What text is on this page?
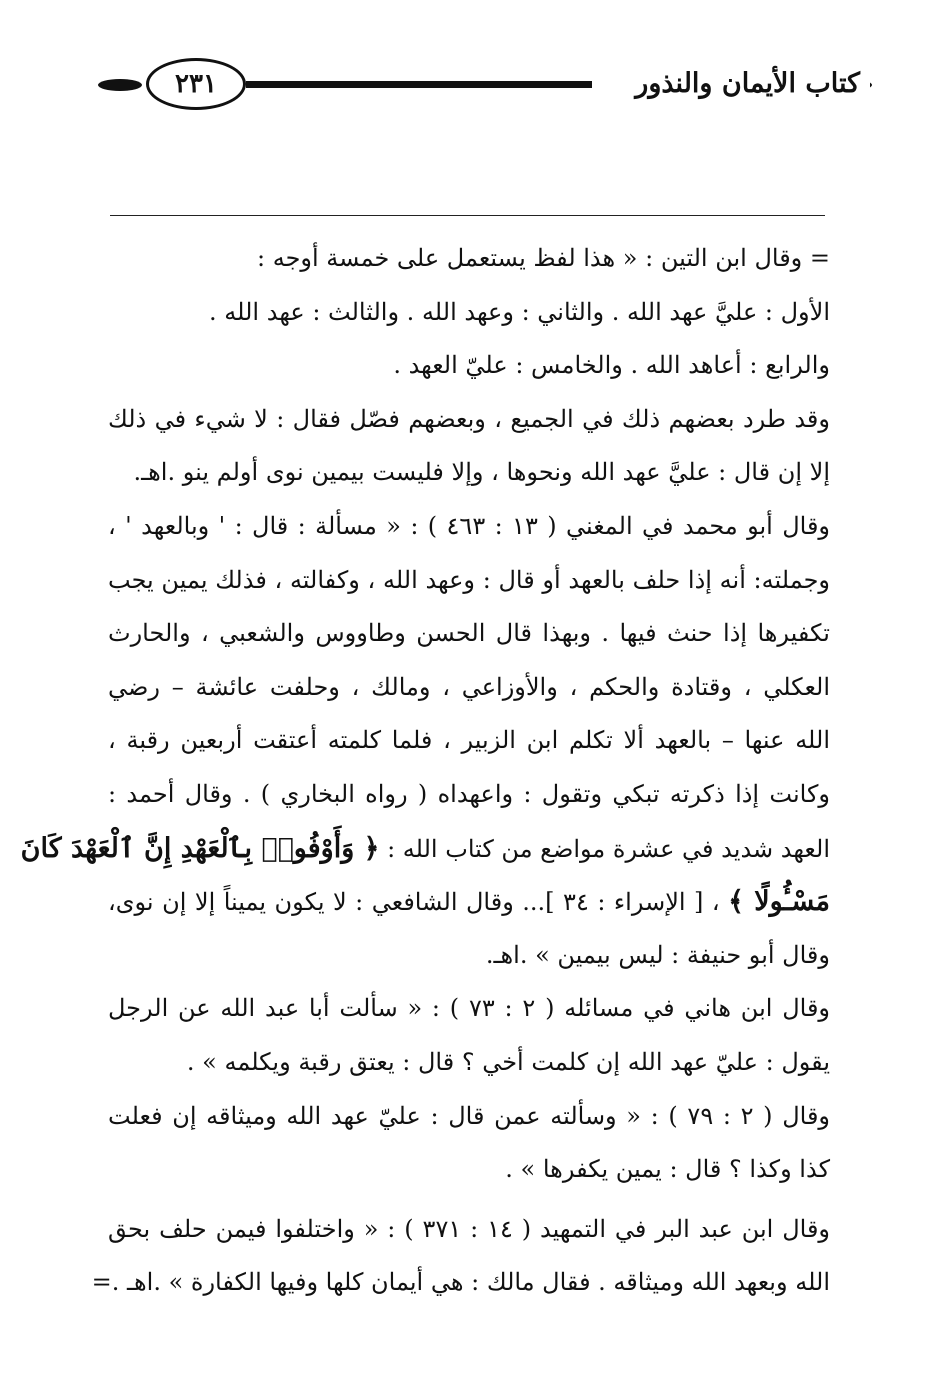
٢٣١	كتاب الأيمان والنذور
= وقال ابن التين : « هذا لفظ يستعمل على خمسة أوجه :
الأول : عليَّ عهد الله . والثاني : وعهد الله . والثالث : عهد الله .
والرابع : أعاهد الله . والخامس : عليّ العهد .
وقد طرد بعضهم ذلك في الجميع ، وبعضهم فصّل فقال : لا شيء في ذلك
إلا إن قال : عليَّ عهد الله ونحوها ، وإلا فليست بيمين نوى أولم ينو .اهـ.
وقال أبو محمد في المغني ( ١٣ : ٤٦٣ ) : « مسألة : قال : ' وبالعهد ' ،
وجملته: أنه إذا حلف بالعهد أو قال : وعهد الله ، وكفالته ، فذلك يمين يجب
تكفيرها إذا حنث فيها . وبهذا قال الحسن وطاووس والشعبي ، والحارث
العكلي ، وقتادة والحكم ، والأوزاعي ، ومالك ، وحلفت عائشة – رضي
الله عنها – بالعهد ألا تكلم ابن الزبير ، فلما كلمته أعتقت أربعين رقبة ،
وكانت إذا ذكرته تبكي وتقول : واعهداه ( رواه البخاري ) . وقال أحمد :
العهد شديد في عشرة مواضع من كتاب الله : ﴿ وَأَوْفُوا۟ بِٱلْعَهْدِ إِنَّ ٱلْعَهْدَ كَانَ
مَسْـُٔولًا ﴾ ، [ الإسراء : ٣٤ ]... وقال الشافعي : لا يكون يميناً إلا إن نوى،
وقال أبو حنيفة : ليس بيمين » .اهـ.
وقال ابن هاني في مسائله ( ٢ : ٧٣ ) : « سألت أبا عبد الله عن الرجل
يقول : عليّ عهد الله إن كلمت أخي ؟ قال : يعتق رقبة ويكلمه » .
وقال ( ٢ : ٧٩ ) : « وسألته عمن قال : عليّ عهد الله وميثاقه إن فعلت
كذا وكذا ؟ قال : يمين يكفرها » .
وقال ابن عبد البر في التمهيد ( ١٤ : ٣٧١ ) : « واختلفوا فيمن حلف بحق
الله وبعهد الله وميثاقه . فقال مالك : هي أيمان كلها وفيها الكفارة » .اهـ .=
